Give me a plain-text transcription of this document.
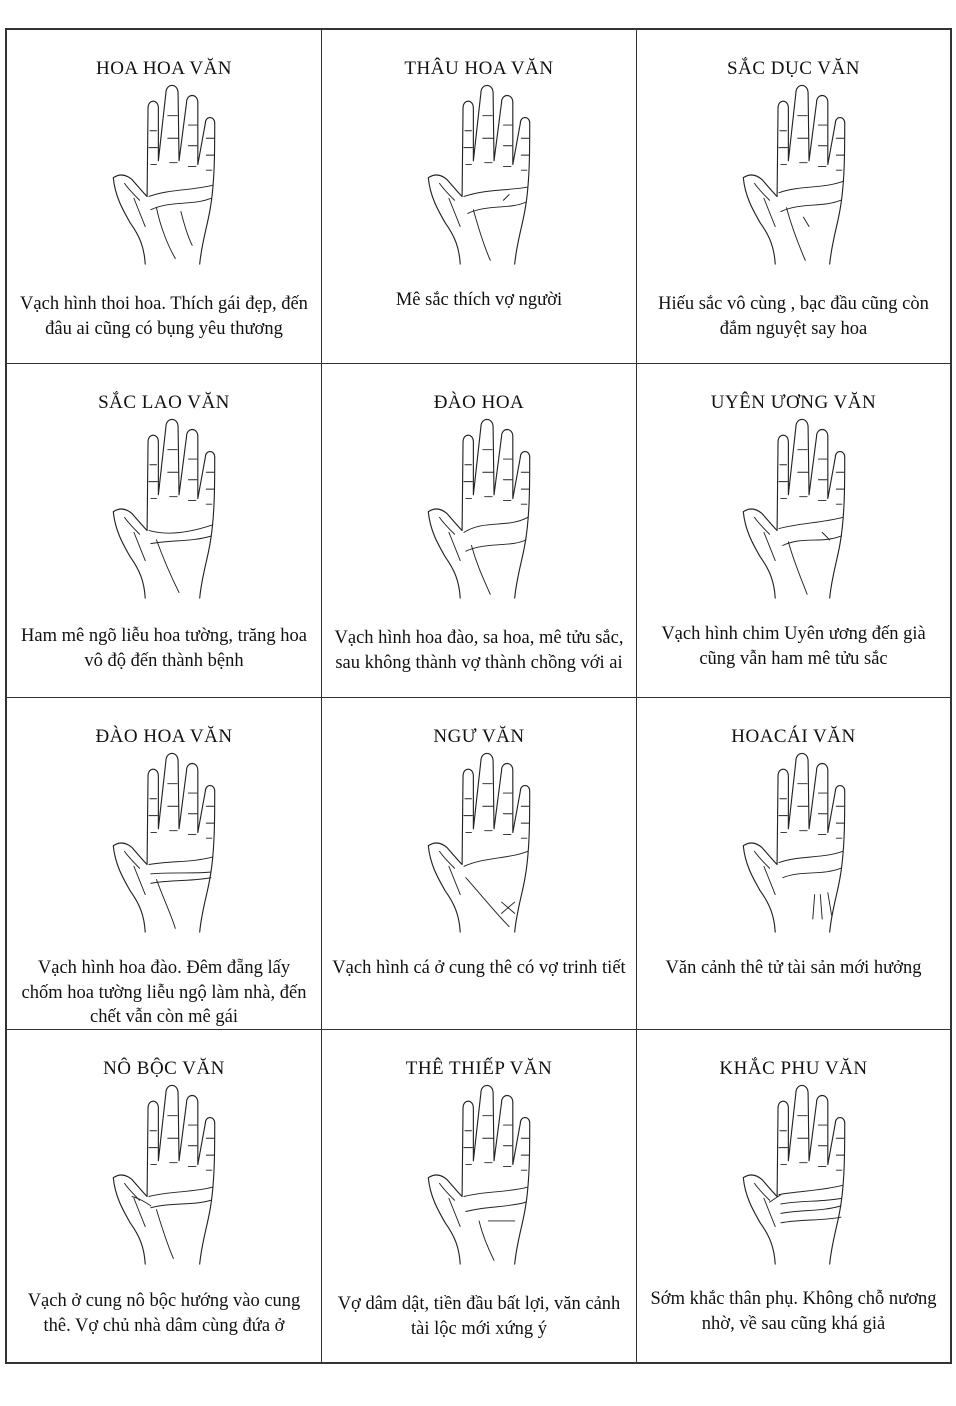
HOA HOA VĂN
Vạch hình thoi hoa. Thích gái đẹp, đến đâu ai cũng có bụng yêu thương
THÂU HOA VĂN
Mê sắc thích vợ người
SẮC DỤC VĂN
Hiếu sắc vô cùng , bạc đầu cũng còn đắm nguyệt say hoa
SẮC LAO VĂN
Ham mê ngõ liễu hoa tường, trăng hoa vô độ đến thành bệnh
ĐÀO HOA
Vạch hình hoa đào, sa hoa, mê tửu sắc, sau không thành vợ thành chồng với ai
UYÊN ƯƠNG VĂN
Vạch hình chim Uyên ương đến già cũng vẫn ham mê tửu sắc
ĐÀO HOA VĂN
Vạch hình hoa đào. Đêm đẵng lấy chốm hoa tường liễu ngộ làm nhà, đến chết vẫn còn mê gái
NGƯ VĂN
Vạch hình cá ở cung thê có vợ trinh tiết
HOACÁI VĂN
Văn cảnh thê tử tài sản mới hưởng
NÔ BỘC VĂN
Vạch ở cung nô bộc hướng vào cung thê. Vợ chủ nhà dâm cùng đứa ở
THÊ THIẾP VĂN
Vợ dâm dật, tiền đầu bất lợi, văn cảnh tài lộc mới xứng ý
KHẮC PHU VĂN
Sớm khắc thân phụ. Không chỗ nương nhờ, về sau cũng khá giả
